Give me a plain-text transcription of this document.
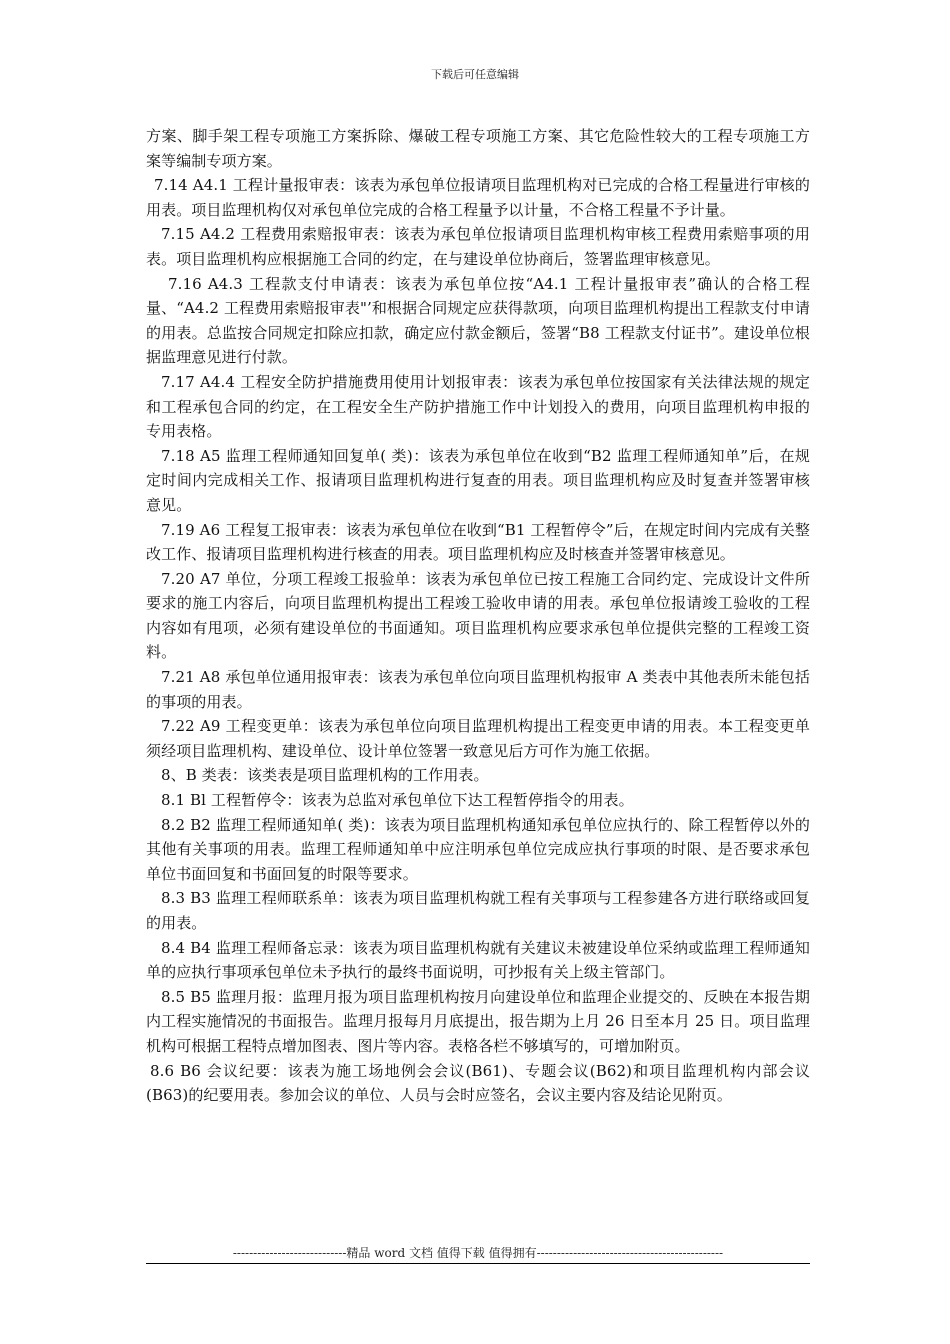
下载后可任意编辑

方案、脚手架工程专项施工方案拆除、爆破工程专项施工方案、其它危险性较大的工程专项施工方案等编制专项方案。

7.14 A4.1 工程计量报审表：该表为承包单位报请项目监理机构对已完成的合格工程量进行审核的用表。项目监理机构仅对承包单位完成的合格工程量予以计量，不合格工程量不予计量。

7.15 A4.2 工程费用索赔报审表：该表为承包单位报请项目监理机构审核工程费用索赔事项的用表。项目监理机构应根据施工合同的约定，在与建设单位协商后，签署监理审核意见。

7.16 A4.3 工程款支付申请表：该表为承包单位按“A4.1 工程计量报审表”确认的合格工程量、“A4.2 工程费用索赔报审表"’和根据合同规定应获得款项，向项目监理机构提出工程款支付申请的用表。总监按合同规定扣除应扣款，确定应付款金额后，签署“B8 工程款支付证书”。建设单位根据监理意见进行付款。

7.17 A4.4 工程安全防护措施费用使用计划报审表：该表为承包单位按国家有关法律法规的规定和工程承包合同的约定，在工程安全生产防护措施工作中计划投入的费用，向项目监理机构申报的专用表格。

7.18 A5 监理工程师通知回复单( 类)：该表为承包单位在收到“B2 监理工程师通知单”后，在规定时间内完成相关工作、报请项目监理机构进行复查的用表。项目监理机构应及时复查并签署审核意见。

7.19 A6 工程复工报审表：该表为承包单位在收到“B1 工程暂停令”后，在规定时间内完成有关整改工作、报请项目监理机构进行核查的用表。项目监理机构应及时核查并签署审核意见。

7.20 A7 单位，分项工程竣工报验单：该表为承包单位已按工程施工合同约定、完成设计文件所要求的施工内容后，向项目监理机构提出工程竣工验收申请的用表。承包单位报请竣工验收的工程内容如有甩项，必须有建设单位的书面通知。项目监理机构应要求承包单位提供完整的工程竣工资料。

7.21 A8 承包单位通用报审表：该表为承包单位向项目监理机构报审 A 类表中其他表所未能包括的事项的用表。

7.22 A9 工程变更单：该表为承包单位向项目监理机构提出工程变更申请的用表。本工程变更单须经项目监理机构、建设单位、设计单位签署一致意见后方可作为施工依据。

8、B 类表：该类表是项目监理机构的工作用表。

8.1 Bl 工程暂停令：该表为总监对承包单位下达工程暂停指令的用表。

8.2 B2 监理工程师通知单( 类)：该表为项目监理机构通知承包单位应执行的、除工程暂停以外的其他有关事项的用表。监理工程师通知单中应注明承包单位完成应执行事项的时限、是否要求承包单位书面回复和书面回复的时限等要求。

8.3 B3 监理工程师联系单：该表为项目监理机构就工程有关事项与工程参建各方进行联络或回复的用表。

8.4 B4 监理工程师备忘录：该表为项目监理机构就有关建议未被建设单位采纳或监理工程师通知单的应执行事项承包单位未予执行的最终书面说明，可抄报有关上级主管部门。

8.5 B5 监理月报：监理月报为项目监理机构按月向建设单位和监理企业提交的、反映在本报告期内工程实施情况的书面报告。监理月报每月月底提出，报告期为上月 26 日至本月 25 日。项目监理机构可根据工程特点增加图表、图片等内容。表格各栏不够填写的，可增加附页。

8.6 B6 会议纪要：该表为施工场地例会会议(B61)、专题会议(B62)和项目监理机构内部会议(B63)的纪要用表。参加会议的单位、人员与会时应签名，会议主要内容及结论见附页。

----------------------------精品 word 文档 值得下载 值得拥有----------------------------------------------
